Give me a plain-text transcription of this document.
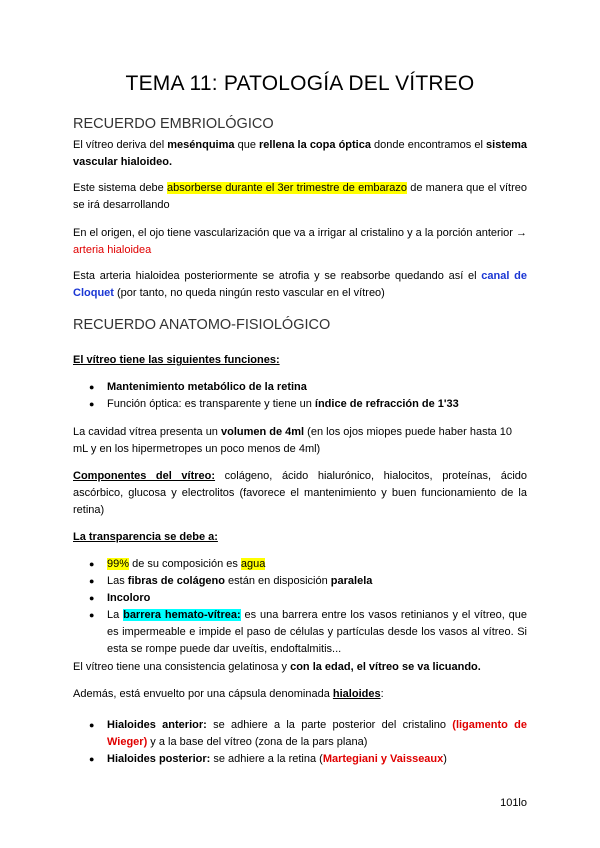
TEMA 11: PATOLOGÍA DEL VÍTREO
RECUERDO EMBRIOLÓGICO

El vítreo deriva del mesénquima que rellena la copa óptica donde encontramos el sistema vascular hialoideo.

Este sistema debe absorberse durante el 3er trimestre de embarazo de manera que el vítreo se irá desarrollando

En el origen, el ojo tiene vascularización que va a irrigar al cristalino y a la porción anterior → arteria hialoidea

Esta arteria hialoidea posteriormente se atrofia y se reabsorbe quedando así el canal de Cloquet (por tanto, no queda ningún resto vascular en el vítreo)

RECUERDO ANATOMO-FISIOLÓGICO

El vítreo tiene las siguientes funciones:

● Mantenimiento metabólico de la retina
● Función óptica: es transparente y tiene un índice de refracción de 1'33

La cavidad vítrea presenta un volumen de 4ml (en los ojos miopes puede haber hasta 10 mL y en los hipermetropes un poco menos de 4ml)

Componentes del vítreo: colágeno, ácido hialurónico, hialocitos, proteínas, ácido ascórbico, glucosa y electrolitos (favorece el mantenimiento y buen funcionamiento de la retina)

La transparencia se debe a:

● 99% de su composición es agua
● Las fibras de colágeno están en disposición paralela
● Incoloro
● La barrera hemato-vítrea: es una barrera entre los vasos retinianos y el vítreo, que es impermeable e impide el paso de células y partículas desde los vasos al vítreo. Si esta se rompe puede dar uveítis, endoftalmitis...

El vítreo tiene una consistencia gelatinosa y con la edad, el vítreo se va licuando.

Además, está envuelto por una cápsula denominada hialoides:

● Hialoides anterior: se adhiere a la parte posterior del cristalino (ligamento de Wieger) y a la base del vítreo (zona de la pars plana)
● Hialoides posterior: se adhiere a la retina (Martegiani y Vaisseaux)
101lo
